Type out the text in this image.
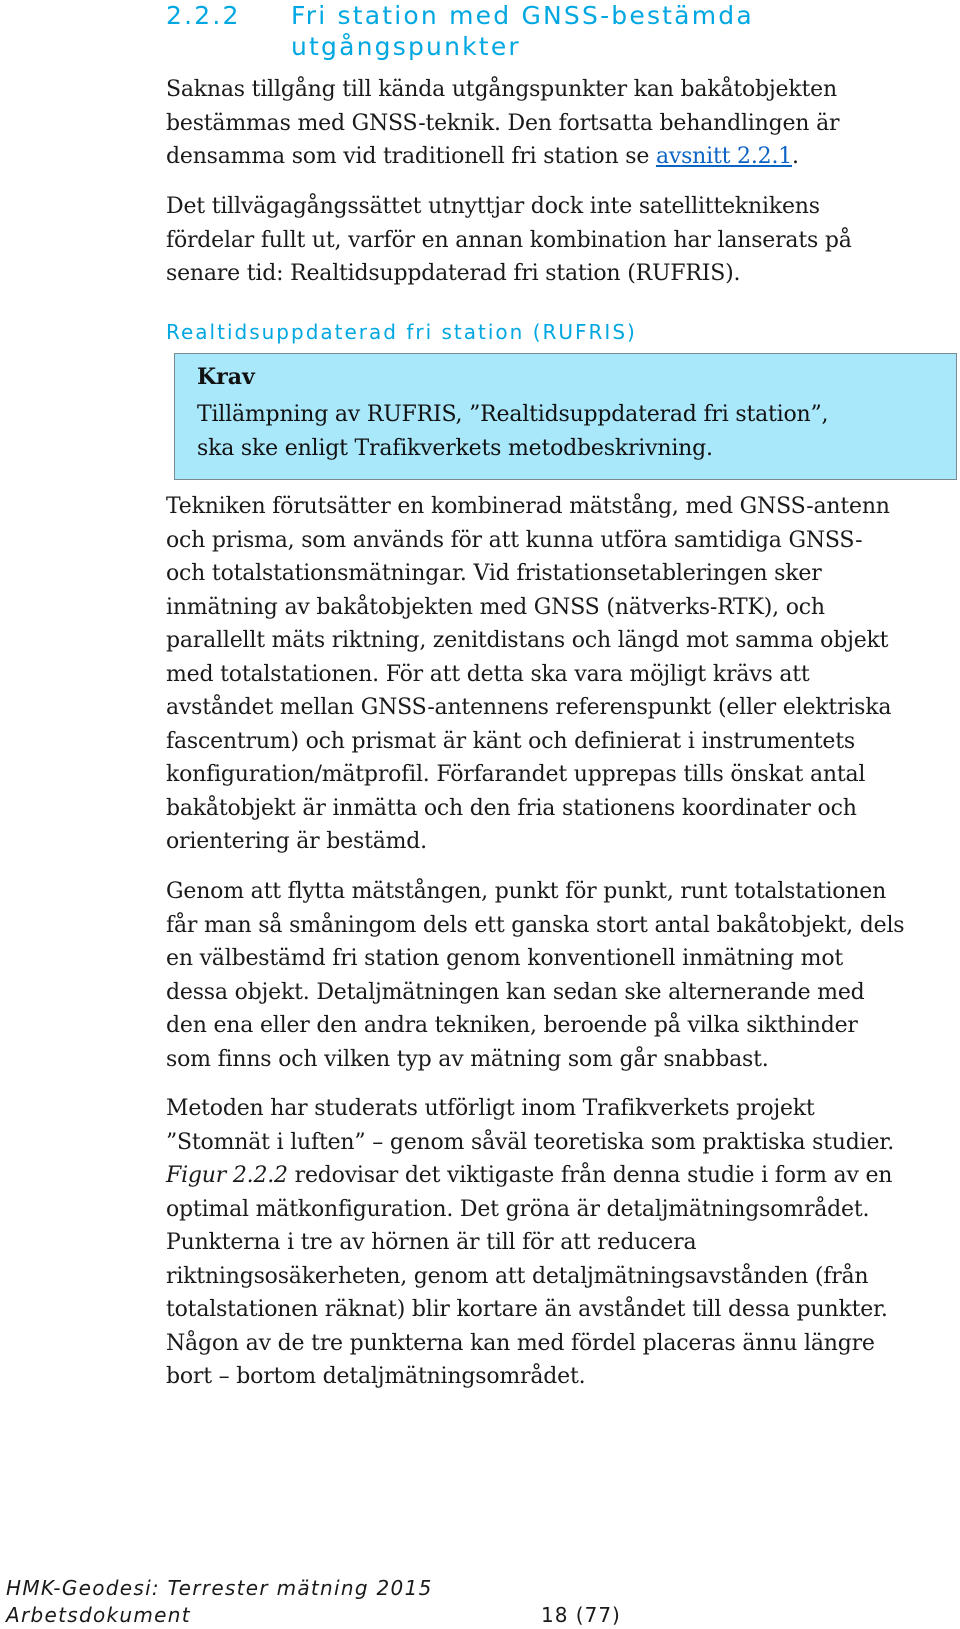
2.2.2 Fri station med GNSS-bestämda
utgångspunkter

Saknas tillgång till kända utgångspunkter kan bakåtobjekten
bestämmas med GNSS-teknik. Den fortsatta behandlingen är
densamma som vid traditionell fri station se avsnitt 2.2.1.

Det tillvägagångssättet utnyttjar dock inte satellitteknikens
fördelar fullt ut, varför en annan kombination har lanserats på
senare tid: Realtidsuppdaterad fri station (RUFRIS).

Realtidsuppdaterad fri station (RUFRIS)
Krav
Tillämpning av RUFRIS, ”Realtidsuppdaterad fri station”,
ska ske enligt Trafikverkets metodbeskrivning.

Tekniken förutsätter en kombinerad mätstång, med GNSS-antenn
och prisma, som används för att kunna utföra samtidiga GNSS-
och totalstationsmätningar. Vid fristationsetableringen sker
inmätning av bakåtobjekten med GNSS (nätverks-RTK), och
parallellt mäts riktning, zenitdistans och längd mot samma objekt
med totalstationen. För att detta ska vara möjligt krävs att
avståndet mellan GNSS-antennens referenspunkt (eller elektriska
fascentrum) och prismat är känt och definierat i instrumentets
konfiguration/mätprofil. Förfarandet upprepas tills önskat antal
bakåtobjekt är inmätta och den fria stationens koordinater och
orientering är bestämd.

Genom att flytta mätstången, punkt för punkt, runt totalstationen
får man så småningom dels ett ganska stort antal bakåtobjekt, dels
en välbestämd fri station genom konventionell inmätning mot
dessa objekt. Detaljmätningen kan sedan ske alternerande med
den ena eller den andra tekniken, beroende på vilka sikthinder
som finns och vilken typ av mätning som går snabbast.

Metoden har studerats utförligt inom Trafikverkets projekt
”Stomnät i luften” – genom såväl teoretiska som praktiska studier.
Figur 2.2.2 redovisar det viktigaste från denna studie i form av en
optimal mätkonfiguration. Det gröna är detaljmätningsområdet.
Punkterna i tre av hörnen är till för att reducera
riktningsosäkerheten, genom att detaljmätningsavstånden (från
totalstationen räknat) blir kortare än avståndet till dessa punkter.
Någon av de tre punkterna kan med fördel placeras ännu längre
bort – bortom detaljmätningsområdet.

HMK-Geodesi: Terrester mätning 2015
Arbetsdokument	18 (77)
